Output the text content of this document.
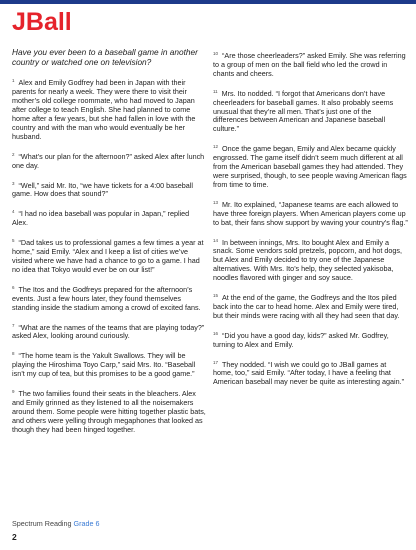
JBall

Have you ever been to a baseball game in another country or watched one on television?

$^1$ Alex and Emily Godfrey had been in Japan with their parents for nearly a week. They were there to visit their mother’s old college roommate, who had moved to Japan after college to teach English. She had planned to come home after a few years, but she had fallen in love with the country and with the man who would eventually be her husband.

$^2$ “What’s our plan for the afternoon?” asked Alex after lunch one day.

$^3$ “Well,” said Mr. Ito, “we have tickets for a 4:00 baseball game. How does that sound?”

$^4$ “I had no idea baseball was popular in Japan,” replied Alex.

$^5$ “Dad takes us to professional games a few times a year at home,” said Emily. “Alex and I keep a list of cities we’ve visited where we have had a chance to go to a game. I had no idea that Tokyo would ever be on our list!”

$^6$ The Itos and the Godfreys prepared for the afternoon’s events. Just a few hours later, they found themselves standing inside the stadium among a crowd of excited fans.

$^7$ “What are the names of the teams that are playing today?” asked Alex, looking around curiously.

$^8$ “The home team is the Yakult Swallows. They will be playing the Hiroshima Toyo Carp,” said Mrs. Ito. “Baseball isn’t my cup of tea, but this promises to be a good game.”

$^9$ The two families found their seats in the bleachers. Alex and Emily grinned as they listened to all the noisemakers around them. Some people were hitting together plastic bats, and others were yelling through megaphones that looked as though they had been hinged together.

$^{10}$ “Are those cheerleaders?” asked Emily. She was referring to a group of men on the ball field who led the crowd in chants and cheers.

$^{11}$ Mrs. Ito nodded. “I forgot that Americans don’t have cheerleaders for baseball games. It also probably seems unusual that they’re all men. That’s just one of the differences between American and Japanese baseball culture.”

$^{12}$ Once the game began, Emily and Alex became quickly engrossed. The game itself didn’t seem much different at all from the American baseball games they had attended. They were surprised, though, to see people waving American flags from time to time.

$^{13}$ Mr. Ito explained, “Japanese teams are each allowed to have three foreign players. When American players come up to bat, their fans show support by waving your country’s flag.”

$^{14}$ In between innings, Mrs. Ito bought Alex and Emily a snack. Some vendors sold pretzels, popcorn, and hot dogs, but Alex and Emily decided to try one of the Japanese alternatives. With Mrs. Ito’s help, they selected yakisoba, noodles flavored with ginger and soy sauce.

$^{15}$ At the end of the game, the Godfreys and the Itos piled back into the car to head home. Alex and Emily were tired, but their minds were racing with all they had seen that day.

$^{16}$ “Did you have a good day, kids?” asked Mr. Godfrey, turning to Alex and Emily.

$^{17}$ They nodded. “I wish we could go to JBall games at home, too,” said Emily. “After today, I have a feeling that American baseball may never be quite as interesting again.”

Spectrum Reading Grade 6
2
